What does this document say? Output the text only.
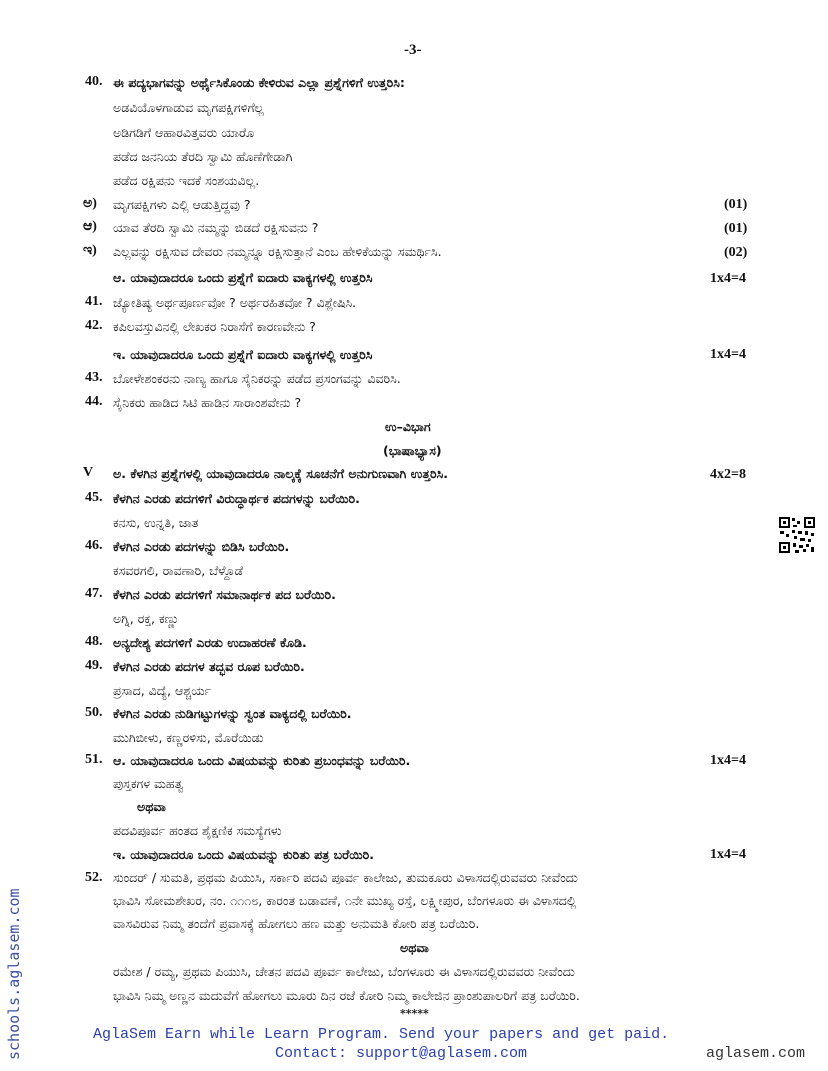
-3-
40. ಈ ಪದ್ಯಭಾಗವನ್ನು ಅರ್ಥೈಸಿಕೊಂಡು ಕೇಳಿರುವ ಎಲ್ಲಾ ಪ್ರಶ್ನೆಗಳಿಗೆ ಉತ್ತರಿಸಿ:
ಅಡವಿಯೊಳಗಾಡುವ ಮೃಗಪಕ್ಷಿಗಳಿಗೆಲ್ಲ
ಅಡಿಗಡಿಗೆ ಆಹಾರವಿತ್ತವರು ಯಾರೊ
ಪಡೆದ ಜನನಿಯ ತೆರದಿ ಸ್ವಾಮಿ ಹೊಣೆಗೇಡಾಗಿ
ಪಡೆದ ರಕ್ಷಿಪನು ಇದಕೆ ಸಂಶಯವಿಲ್ಲ.
ಅ) ಮೃಗಪಕ್ಷಿಗಳು ಎಲ್ಲಿ ಆಡುತ್ತಿದ್ದವು ?	(01)
ಆ) ಯಾವ ತೆರದಿ ಸ್ವಾಮಿ ನಮ್ಮನ್ನು ಬಿಡದೆ ರಕ್ಷಿಸುವನು ?	(01)
ಇ) ಎಲ್ಲವನ್ನು ರಕ್ಷಿಸುವ ದೇವರು ನಮ್ಮನ್ನೂ ರಕ್ಷಿಸುತ್ತಾನೆ ಎಂಬ ಹೇಳಿಕೆಯನ್ನು ಸಮರ್ಥಿಸಿ.	(02)
ಆ. ಯಾವುದಾದರೂ ಒಂದು ಪ್ರಶ್ನೆಗೆ ಐದಾರು ವಾಕ್ಯಗಳಲ್ಲಿ ಉತ್ತರಿಸಿ	1x4=4
41. ಜ್ಯೋತಿಷ್ಯ ಅರ್ಥಪೂರ್ಣವೋ ? ಅರ್ಥರಹಿತವೋ ? ವಿಶ್ಲೇಷಿಸಿ.
42. ಕಪಿಲವಸ್ತುವಿನಲ್ಲಿ ಲೇಖಕರ ನಿರಾಸೆಗೆ ಕಾರಣವೇನು ?
ಇ. ಯಾವುದಾದರೂ ಒಂದು ಪ್ರಶ್ನೆಗೆ ಐದಾರು ವಾಕ್ಯಗಳಲ್ಲಿ ಉತ್ತರಿಸಿ	1x4=4
43. ಬೋಳೇಶಂಕರನು ನಾಣ್ಯ ಹಾಗೂ ಸೈನಿಕರನ್ನು ಪಡೆದ ಪ್ರಸಂಗವನ್ನು ವಿವರಿಸಿ.
44. ಸೈನಿಕರು ಹಾಡಿದ ಸಿಟಿ ಹಾಡಿನ ಸಾರಾಂಶವೇನು ?
ಉ–ವಿಭಾಗ
(ಭಾಷಾಭ್ಯಾಸ)
V ಅ. ಕೆಳಗಿನ ಪ್ರಶ್ನೆಗಳಲ್ಲಿ ಯಾವುದಾದರೂ ನಾಲ್ಕಕ್ಕೆ ಸೂಚನೆಗೆ ಅನುಗುಣವಾಗಿ ಉತ್ತರಿಸಿ.	4x2=8
45. ಕೆಳಗಿನ ಎರಡು ಪದಗಳಿಗೆ ವಿರುದ್ಧಾರ್ಥಕ ಪದಗಳನ್ನು ಬರೆಯಿರಿ.
ಕನಸು, ಉನ್ನತಿ, ಜಾತ
46. ಕೆಳಗಿನ ಎರಡು ಪದಗಳನ್ನು ಬಿಡಿಸಿ ಬರೆಯಿರಿ.
ಕಸವರಗಲಿ, ರಾವಣಾರಿ, ಬೆಳ್ದೊಡೆ
47. ಕೆಳಗಿನ ಎರಡು ಪದಗಳಿಗೆ ಸಮಾನಾರ್ಥಕ ಪದ ಬರೆಯಿರಿ.
ಅಗ್ನಿ, ರಕ್ತ, ಕಣ್ಣು
48. ಅನ್ಯದೇಶ್ಯ ಪದಗಳಿಗೆ ಎರಡು ಉದಾಹರಣೆ ಕೊಡಿ.
49. ಕೆಳಗಿನ ಎರಡು ಪದಗಳ ತದ್ಭವ ರೂಪ ಬರೆಯಿರಿ.
ಪ್ರಸಾದ, ವಿದ್ಯೆ, ಆಶ್ಚರ್ಯ
50. ಕೆಳಗಿನ ಎರಡು ನುಡಿಗಟ್ಟುಗಳನ್ನು ಸ್ವಂತ ವಾಕ್ಯದಲ್ಲಿ ಬರೆಯಿರಿ.
ಮುಗಿಬೀಳು, ಕಣ್ಣರಳಿಸು, ಮೊರೆಯಿಡು
51. ಆ. ಯಾವುದಾದರೂ ಒಂದು ವಿಷಯವನ್ನು ಕುರಿತು ಪ್ರಬಂಧವನ್ನು ಬರೆಯಿರಿ.	1x4=4
ಪುಸ್ತಕಗಳ ಮಹತ್ವ
ಅಥವಾ
ಪದವಿಪೂರ್ವ ಹಂತದ ಶೈಕ್ಷಣಿಕ ಸಮಸ್ಯೆಗಳು
ಇ. ಯಾವುದಾದರೂ ಒಂದು ವಿಷಯವನ್ನು ಕುರಿತು ಪತ್ರ ಬರೆಯಿರಿ.	1x4=4
52. ಸುಂದರ್ / ಸುಮತಿ, ಪ್ರಥಮ ಪಿಯುಸಿ, ಸರ್ಕಾರಿ ಪದವಿ ಪೂರ್ವ ಕಾಲೇಜು, ತುಮಕೂರು ವಿಳಾಸದಲ್ಲಿರುವವರು ನೀವೆಂದು
ಭಾವಿಸಿ ಸೋಮಶೇಖರ, ನಂ. ೧೧೧೮, ಕಾರಂತ ಬಡಾವಣೆ, ೧ನೇ ಮುಖ್ಯ ರಸ್ತೆ, ಲಕ್ಷ್ಮೀಪುರ, ಬೆಂಗಳೂರು ಈ ವಿಳಾಸದಲ್ಲಿ
ವಾಸವಿರುವ ನಿಮ್ಮ ತಂದೆಗೆ ಪ್ರವಾಸಕ್ಕೆ ಹೋಗಲು ಹಣ ಮತ್ತು ಅನುಮತಿ ಕೋರಿ ಪತ್ರ ಬರೆಯಿರಿ.
ಅಥವಾ
ರಮೇಶ / ರಮ್ಯ, ಪ್ರಥಮ ಪಿಯುಸಿ, ಚೇತನ ಪದವಿ ಪೂರ್ವ ಕಾಲೇಜು, ಬೆಂಗಳೂರು ಈ ವಿಳಾಸದಲ್ಲಿರುವವರು ನೀವೆಂದು
ಭಾವಿಸಿ ನಿಮ್ಮ ಅಣ್ಣನ ಮದುವೆಗೆ ಹೋಗಲು ಮೂರು ದಿನ ರಜೆ ಕೋರಿ ನಿಮ್ಮ ಕಾಲೇಜಿನ ಪ್ರಾಂಶುಪಾಲರಿಗೆ ಪತ್ರ ಬರೆಯಿರಿ.
*****
AglaSem Earn while Learn Program. Send your papers and get paid.
Contact: support@aglasem.com	aglasem.com
schools.aglasem.com
